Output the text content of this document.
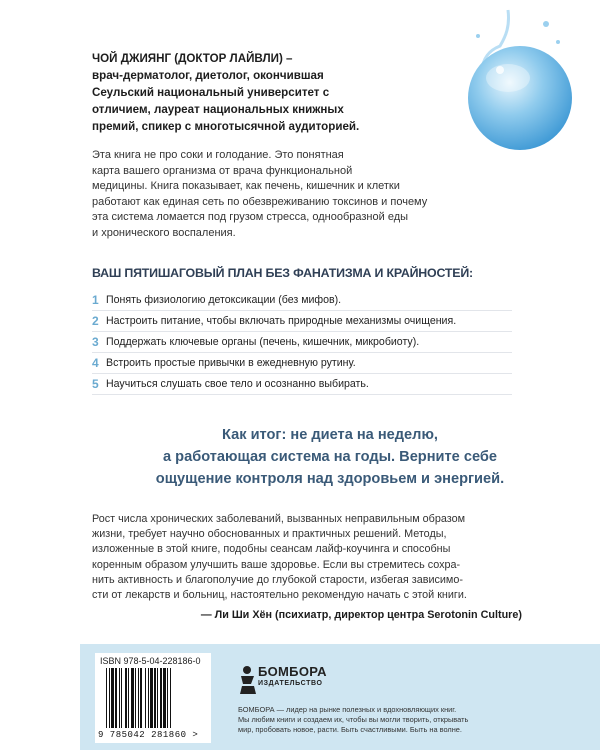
ЧОЙ ДЖИЯНГ (ДОКТОР ЛАЙВЛИ) –
врач-дерматолог, диетолог, окончившая
Сеульский национальный университет с
отличием, лауреат национальных книжных
премий, спикер с многотысячной аудиторией.
Эта книга не про соки и голодание. Это понятная
карта вашего организма от врача функциональной
медицины. Книга показывает, как печень, кишечник и клетки
работают как единая сеть по обезвреживанию токсинов и почему
эта система ломается под грузом стресса, однообразной еды
и хронического воспаления.
ВАШ ПЯТИШАГОВЫЙ ПЛАН БЕЗ ФАНАТИЗМА И КРАЙНОСТЕЙ:
1 Понять физиологию детоксикации (без мифов).
2 Настроить питание, чтобы включать природные механизмы очищения.
3 Поддержать ключевые органы (печень, кишечник, микробиоту).
4 Встроить простые привычки в ежедневную рутину.
5 Научиться слушать свое тело и осознанно выбирать.
Как итог: не диета на неделю,
а работающая система на годы. Верните себе
ощущение контроля над здоровьем и энергией.
Рост числа хронических заболеваний, вызванных неправильным образом
жизни, требует научно обоснованных и практичных решений. Методы,
изложенные в этой книге, подобны сеансам лайф-коучинга и способны
коренным образом улучшить ваше здоровье. Если вы стремитесь сохра-
нить активность и благополучие до глубокой старости, избегая зависимо-
сти от лекарств и больниц, настоятельно рекомендую начать с этой книги.
— Ли Ши Хён (психиатр, директор центра Serotonin Culture)
ISBN 978-5-04-228186-0
9 785042 281860 >
БОМБОРА
ИЗДАТЕЛЬСТВО
БОМБОРА — лидер на рынке полезных и вдохновляющих книг.
Мы любим книги и создаем их, чтобы вы могли творить, открывать
мир, пробовать новое, расти. Быть счастливыми. Быть на волне.
